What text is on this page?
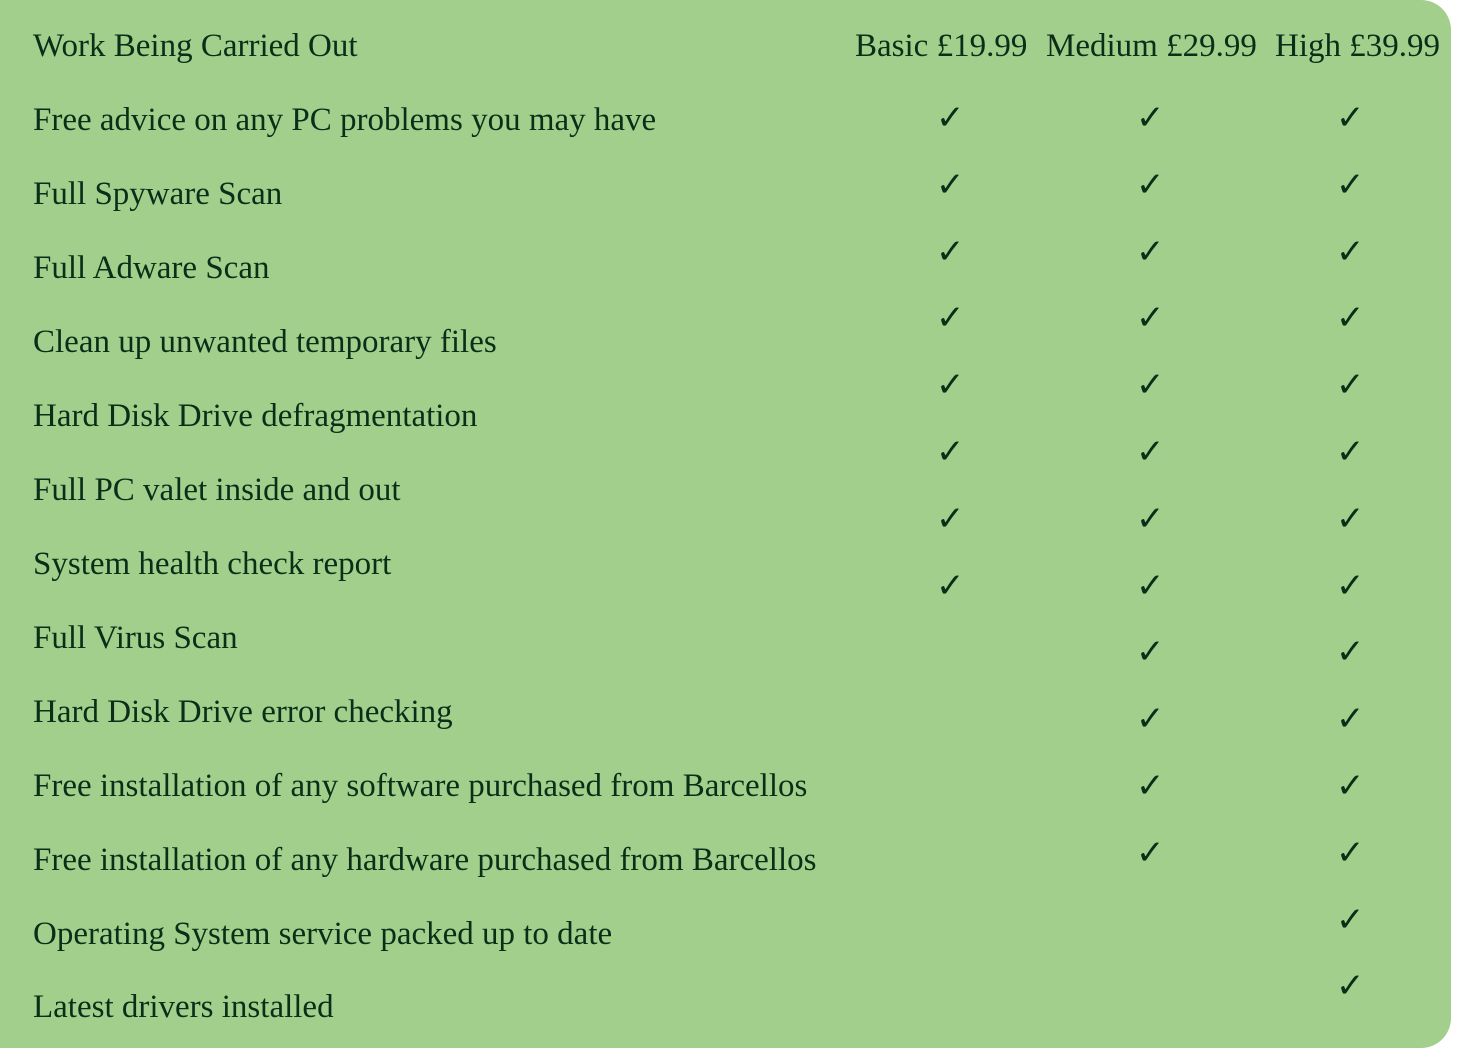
Work Being Carried Out	Basic £19.99 Medium £29.99 High £39.99
Free advice on any PC problems you may have
Full Spyware Scan
Full Adware Scan
Clean up unwanted temporary files
Hard Disk Drive defragmentation
Full PC valet inside and out
System health check report
Full Virus Scan
Hard Disk Drive error checking
Free installation of any software purchased from Barcellos
Free installation of any hardware purchased from Barcellos
Operating System service packed up to date
Latest drivers installed
✓
✓
✓
✓
✓
✓
✓
✓
✓
✓
✓
✓
✓
✓
✓
✓
✓
✓
✓
✓
✓
✓
✓
✓
✓
✓
✓
✓
✓
✓
✓
✓
✓
✓
